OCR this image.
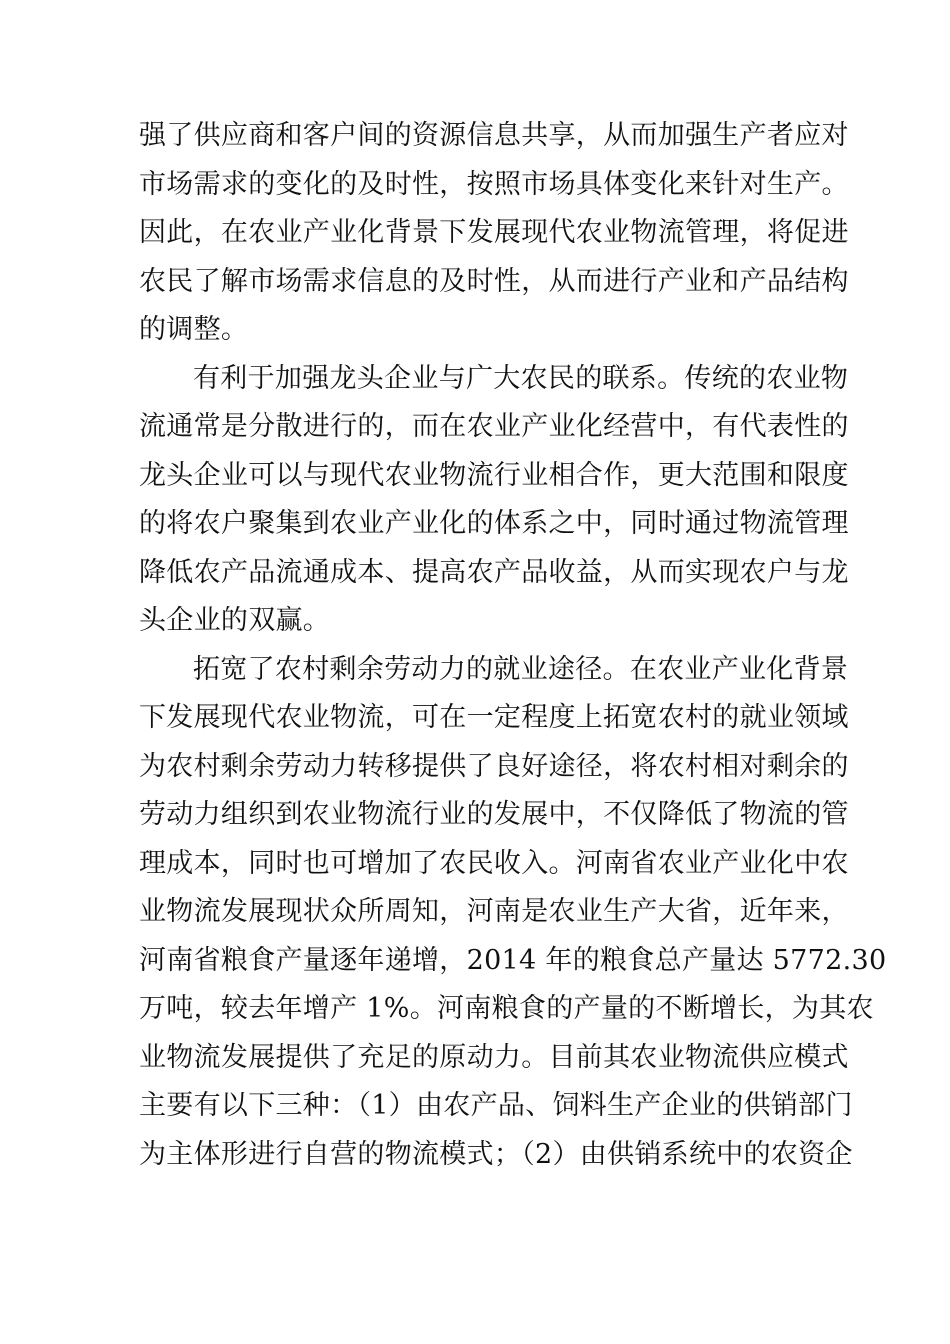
强了供应商和客户间的资源信息共享，从而加强生产者应对
市场需求的变化的及时性，按照市场具体变化来针对生产。
因此，在农业产业化背景下发展现代农业物流管理，将促进
农民了解市场需求信息的及时性，从而进行产业和产品结构
的调整。
有利于加强龙头企业与广大农民的联系。传统的农业物
流通常是分散进行的，而在农业产业化经营中，有代表性的
龙头企业可以与现代农业物流行业相合作，更大范围和限度
的将农户聚集到农业产业化的体系之中，同时通过物流管理
降低农产品流通成本、提高农产品收益，从而实现农户与龙
头企业的双赢。
拓宽了农村剩余劳动力的就业途径。在农业产业化背景
下发展现代农业物流，可在一定程度上拓宽农村的就业领域
为农村剩余劳动力转移提供了良好途径，将农村相对剩余的
劳动力组织到农业物流行业的发展中，不仅降低了物流的管
理成本，同时也可增加了农民收入。河南省农业产业化中农
业物流发展现状众所周知，河南是农业生产大省，近年来，
河南省粮食产量逐年递增，2014 年的粮食总产量达 5772.30
万吨，较去年增产 1%。河南粮食的产量的不断增长，为其农
业物流发展提供了充足的原动力。目前其农业物流供应模式
主要有以下三种：（1）由农产品、饲料生产企业的供销部门
为主体形进行自营的物流模式；（2）由供销系统中的农资企
